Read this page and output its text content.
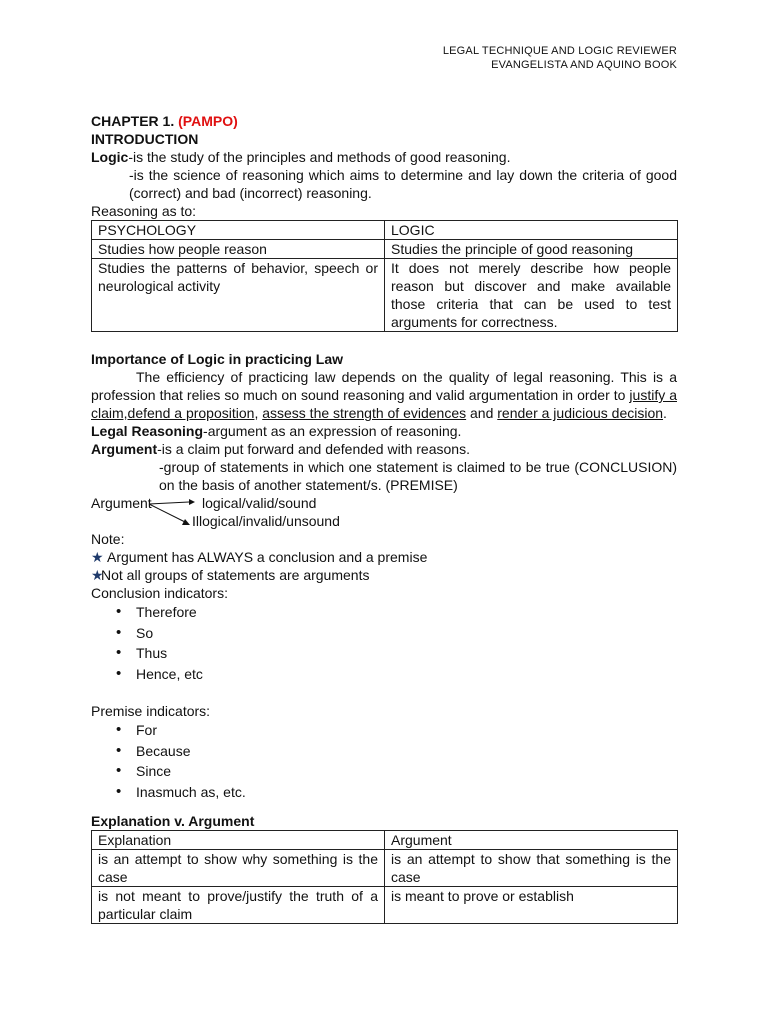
LEGAL TECHNIQUE AND LOGIC REVIEWER
EVANGELISTA AND AQUINO BOOK
CHAPTER 1. (PAMPO)
INTRODUCTION
Logic-is the study of the principles and methods of good reasoning.
-is the science of reasoning which aims to determine and lay down the criteria of good (correct) and bad (incorrect) reasoning.
Reasoning as to:
PSYCHOLOGY	LOGIC
Studies how people reason	Studies the principle of good reasoning
Studies the patterns of behavior, speech or neurological activity	It does not merely describe how people reason but discover and make available those criteria that can be used to test arguments for correctness.
Importance of Logic in practicing Law
The efficiency of practicing law depends on the quality of legal reasoning. This is a profession that relies so much on sound reasoning and valid argumentation in order to justify a claim,defend a proposition, assess the strength of evidences and render a judicious decision.
Legal Reasoning-argument as an expression of reasoning.
Argument-is a claim put forward and defended with reasons.
-group of statements in which one statement is claimed to be true (CONCLUSION) on the basis of another statement/s. (PREMISE)
Argument	logical/valid/sound
Illogical/invalid/unsound
Note:
★ Argument has ALWAYS a conclusion and a premise
★Not all groups of statements are arguments
Conclusion indicators:
• Therefore
• So
• Thus
• Hence, etc
Premise indicators:
• For
• Because
• Since
• Inasmuch as, etc.
Explanation v. Argument
Explanation	Argument
is an attempt to show why something is the case	is an attempt to show that something is the case
is not meant to prove/justify the truth of a particular claim	is meant to prove or establish
